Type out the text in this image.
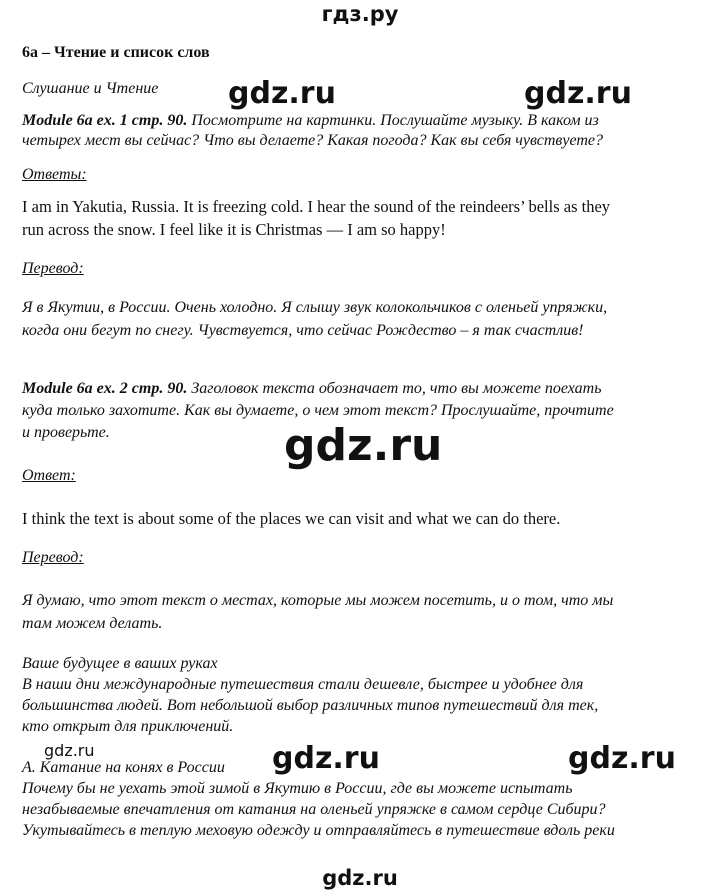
гдз.ру
gdz.ru	gdz.ru
gdz.ru
gdz.ru	gdz.ru	gdz.ru
6a – Чтение и список слов
Слушание и Чтение
Module 6a ex. 1 стр. 90. Посмотрите на картинки. Послушайте музыку. В каком из
четырех мест вы сейчас? Что вы делаете? Какая погода? Как вы себя чувствуете?
Ответы:
I am in Yakutia, Russia. It is freezing cold. I hear the sound of the reindeers’ bells as they
run across the snow. I feel like it is Christmas — I am so happy!
Перевод:
Я в Якутии, в России. Очень холодно. Я слышу звук колокольчиков с оленьей упряжки,
когда они бегут по снегу. Чувствуется, что сейчас Рождество – я так счастлив!
Module 6a ex. 2 стр. 90. Заголовок текста обозначает то, что вы можете поехать
куда только захотите. Как вы думаете, о чем этот текст? Прослушайте, прочтите
и проверьте.
Ответ:
I think the text is about some of the places we can visit and what we can do there.
Перевод:
Я думаю, что этот текст о местах, которые мы можем посетить, и о том, что мы
там можем делать.
Ваше будущее в ваших руках
В наши дни международные путешествия стали дешевле, быстрее и удобнее для
большинства людей. Вот небольшой выбор различных типов путешествий для тек,
кто открыт для приключений.
A. Катание на конях в России
Почему бы не уехать этой зимой в Якутию в России, где вы можете испытать
незабываемые впечатления от катания на оленьей упряжке в самом сердце Сибири?
Укутывайтесь в теплую меховую одежду и отправляйтесь в путешествие вдоль реки
gdz.ru
